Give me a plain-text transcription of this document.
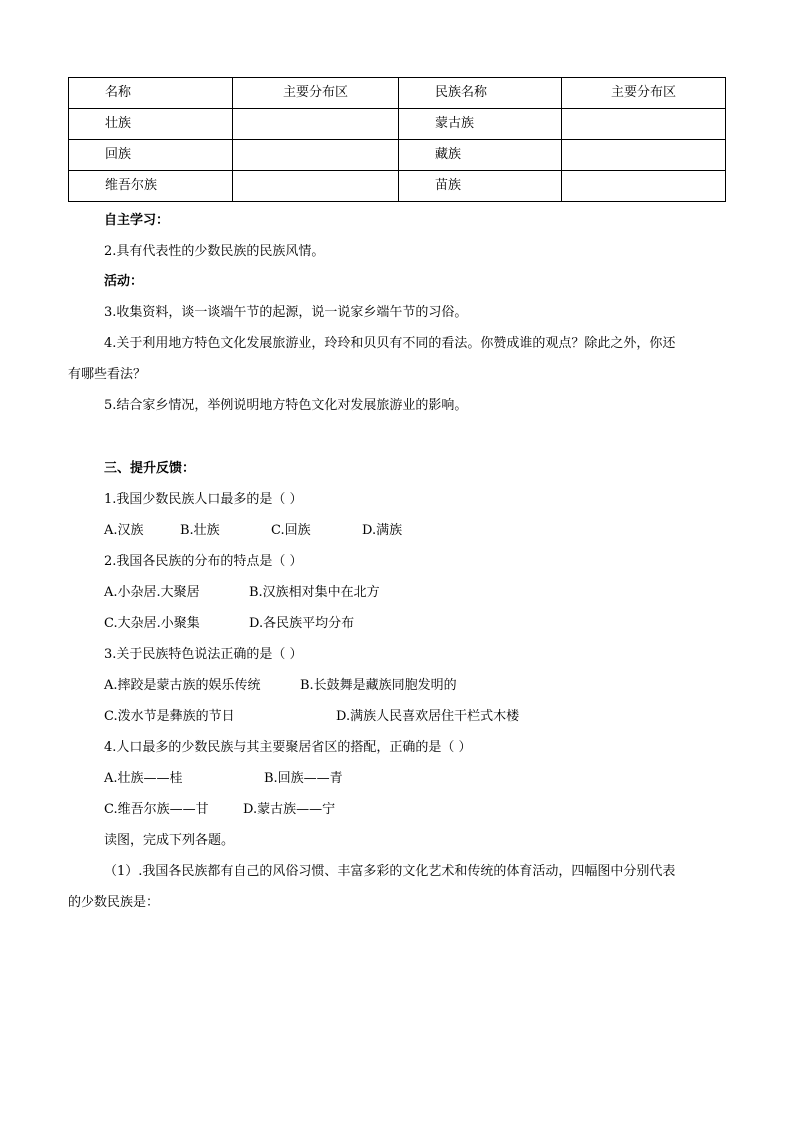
名称	主要分布区	民族名称	主要分布区
壮族		蒙古族	
回族		藏族	
维吾尔族		苗族	
自主学习：
2.具有代表性的少数民族的民族风情。
活动：
3.收集资料，谈一谈端午节的起源，说一说家乡端午节的习俗。
4.关于利用地方特色文化发展旅游业，玲玲和贝贝有不同的看法。你赞成谁的观点？除此之外，你还
有哪些看法？
5.结合家乡情况，举例说明地方特色文化对发展旅游业的影响。
三、提升反馈：
1.我国少数民族人口最多的是（ ）
A.汉族	B.壮族	C.回族	D.满族
2.我国各民族的分布的特点是（ ）
A.小杂居.大聚居	B.汉族相对集中在北方
C.大杂居.小聚集	D.各民族平均分布
3.关于民族特色说法正确的是（ ）
A.摔跤是蒙古族的娱乐传统	B.长鼓舞是藏族同胞发明的
C.泼水节是彝族的节日	D.满族人民喜欢居住干栏式木楼
4.人口最多的少数民族与其主要聚居省区的搭配，正确的是（ ）
A.壮族——桂	B.回族——青
C.维吾尔族——甘	D.蒙古族——宁
读图，完成下列各题。
（1）.我国各民族都有自己的风俗习惯、丰富多彩的文化艺术和传统的体育活动，四幅图中分别代表
的少数民族是：
